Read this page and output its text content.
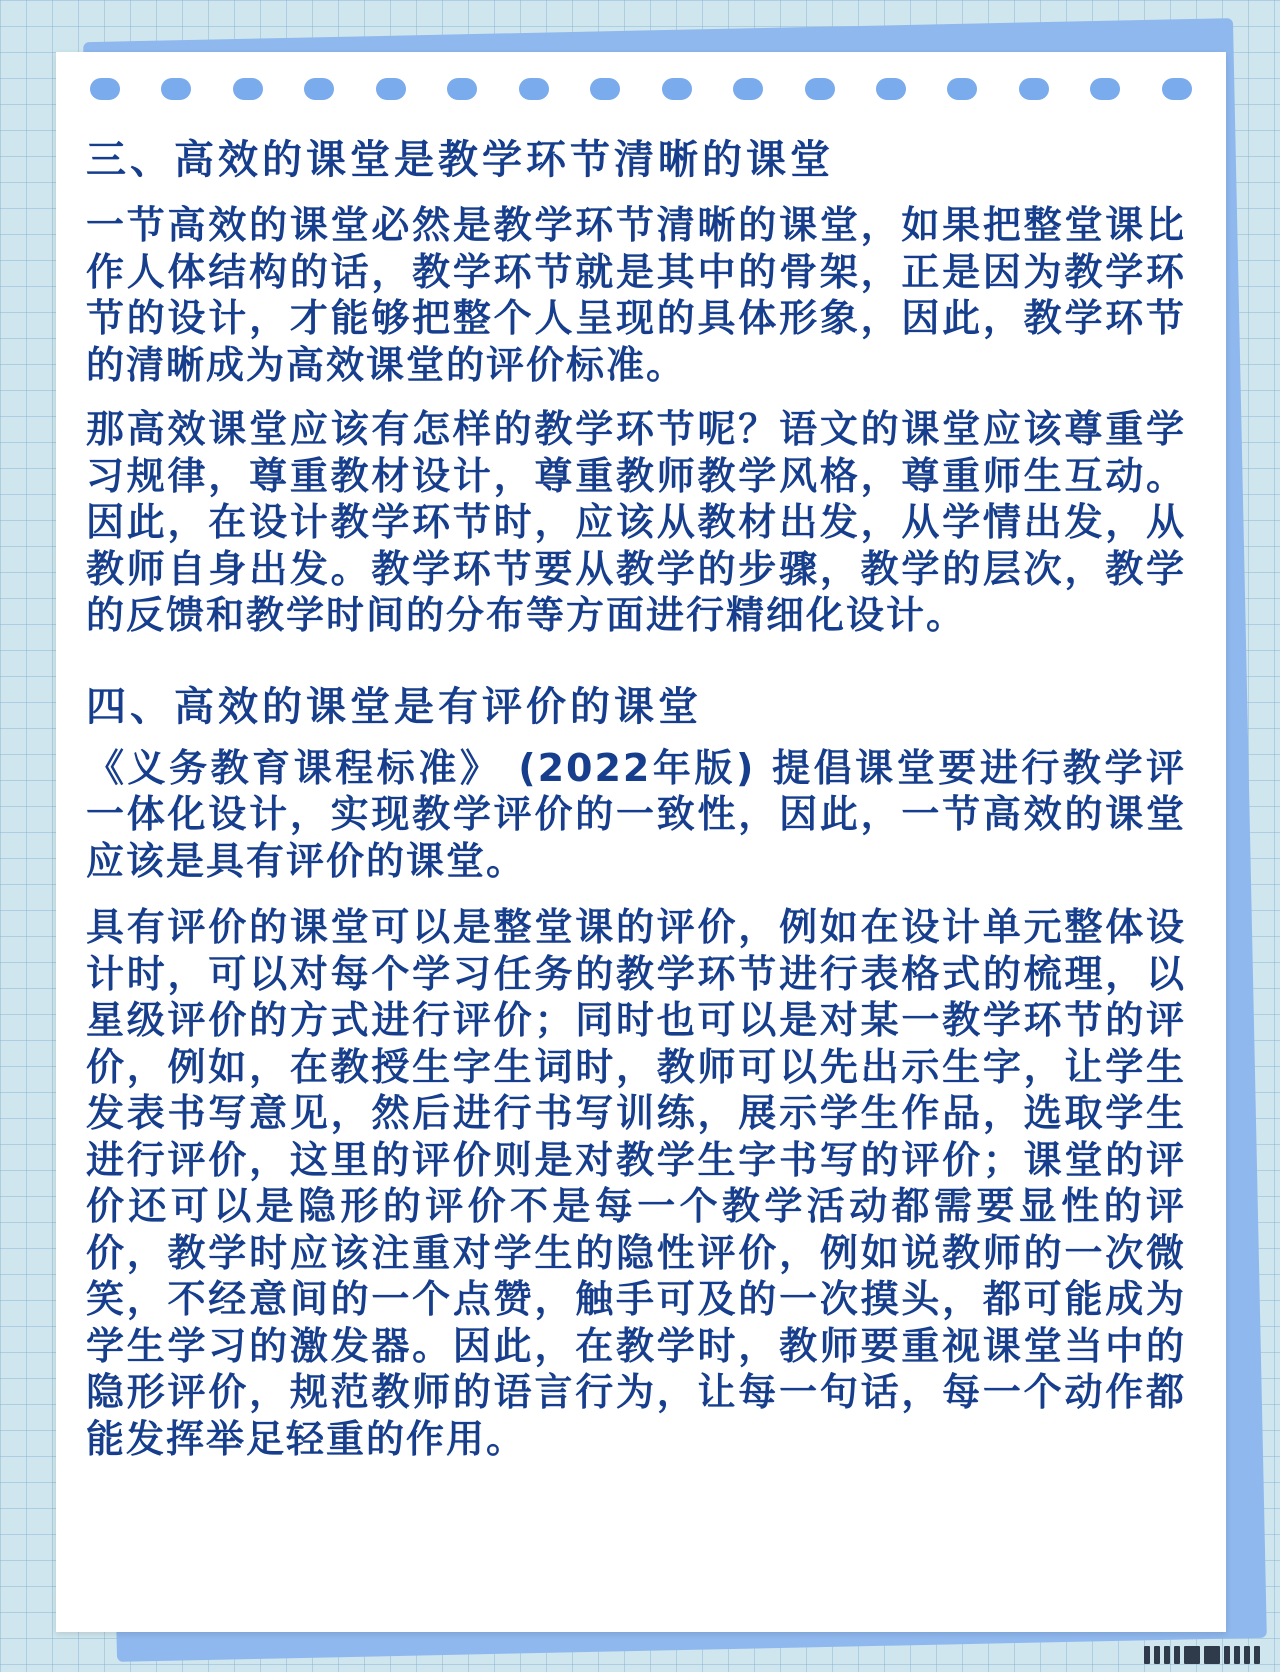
三、高效的课堂是教学环节清晰的课堂

一节高效的课堂必然是教学环节清晰的课堂，如果把整堂课比作人体结构的话，教学环节就是其中的骨架，正是因为教学环节的设计，才能够把整个人呈现的具体形象，因此，教学环节的清晰成为高效课堂的评价标准。

那高效课堂应该有怎样的教学环节呢？语文的课堂应该尊重学习规律，尊重教材设计，尊重教师教学风格，尊重师生互动。因此，在设计教学环节时，应该从教材出发，从学情出发，从教师自身出发。教学环节要从教学的步骤，教学的层次，教学的反馈和教学时间的分布等方面进行精细化设计。

四、高效的课堂是有评价的课堂

《义务教育课程标准》 (2022年版) 提倡课堂要进行教学评一体化设计，实现教学评价的一致性，因此，一节高效的课堂应该是具有评价的课堂。

具有评价的课堂可以是整堂课的评价，例如在设计单元整体设计时，可以对每个学习任务的教学环节进行表格式的梳理，以星级评价的方式进行评价；同时也可以是对某一教学环节的评价，例如，在教授生字生词时，教师可以先出示生字，让学生发表书写意见，然后进行书写训练，展示学生作品，选取学生进行评价，这里的评价则是对教学生字书写的评价；课堂的评价还可以是隐形的评价不是每一个教学活动都需要显性的评价，教学时应该注重对学生的隐性评价，例如说教师的一次微笑，不经意间的一个点赞，触手可及的一次摸头，都可能成为学生学习的激发器。因此，在教学时，教师要重视课堂当中的隐形评价，规范教师的语言行为，让每一句话，每一个动作都能发挥举足轻重的作用。
